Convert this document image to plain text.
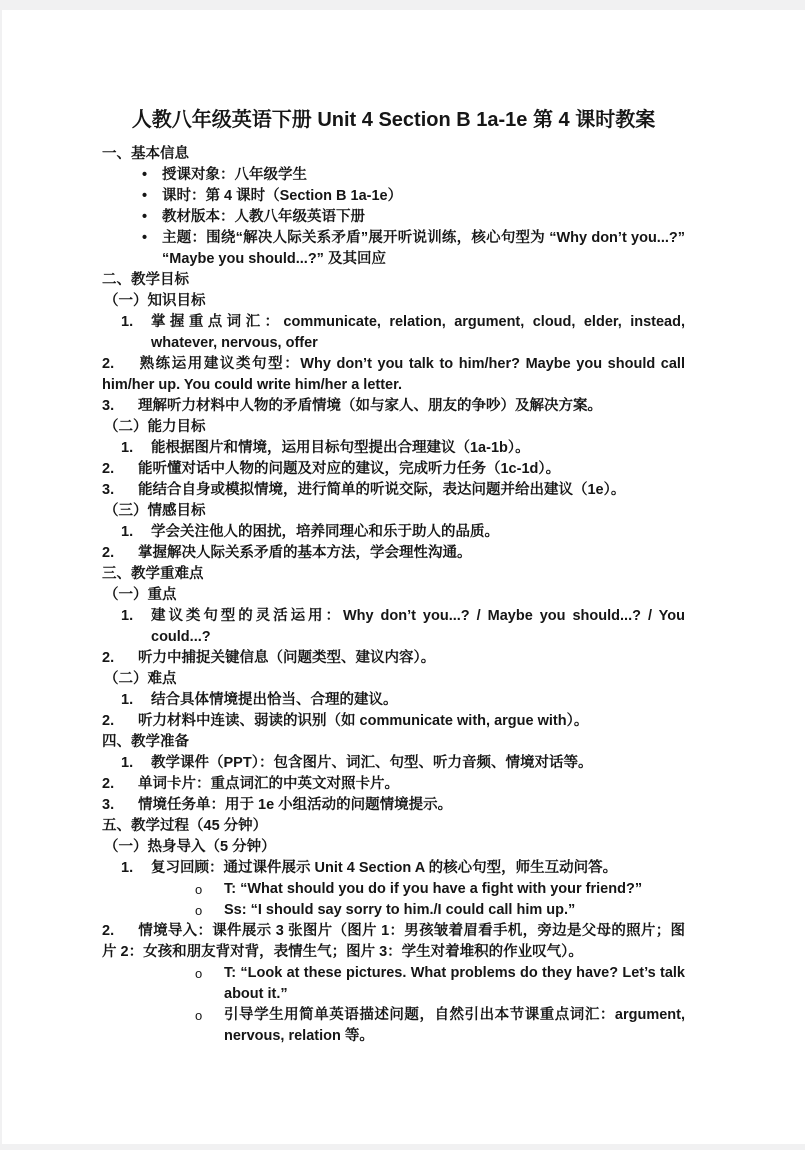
人教八年级英语下册 Unit 4 Section B 1a-1e 第 4 课时教案

一、基本信息

• 授课对象：八年级学生

• 课时：第 4 课时（Section B 1a-1e）

• 教材版本：人教八年级英语下册

• 主题：围绕“解决人际关系矛盾”展开听说训练，核心句型为 “Why don’t you...?” “Maybe you should...?” 及其回应

二、教学目标

（一）知识目标

1. 掌握重点词汇：communicate, relation, argument, cloud, elder, instead, whatever, nervous, offer

2. 熟练运用建议类句型：Why don’t you talk to him/her? Maybe you should call him/her up. You could write him/her a letter.

3. 理解听力材料中人物的矛盾情境（如与家人、朋友的争吵）及解决方案。

（二）能力目标

1. 能根据图片和情境，运用目标句型提出合理建议（1a-1b）。

2. 能听懂对话中人物的问题及对应的建议，完成听力任务（1c-1d）。

3. 能结合自身或模拟情境，进行简单的听说交际，表达问题并给出建议（1e）。

（三）情感目标

1. 学会关注他人的困扰，培养同理心和乐于助人的品质。

2. 掌握解决人际关系矛盾的基本方法，学会理性沟通。

三、教学重难点

（一）重点

1. 建议类句型的灵活运用：Why don’t you...? / Maybe you should...? / You could...?

2. 听力中捕捉关键信息（问题类型、建议内容）。

（二）难点

1. 结合具体情境提出恰当、合理的建议。

2. 听力材料中连读、弱读的识别（如 communicate with, argue with）。

四、教学准备

1. 教学课件（PPT）：包含图片、词汇、句型、听力音频、情境对话等。

2. 单词卡片：重点词汇的中英文对照卡片。

3. 情境任务单：用于 1e 小组活动的问题情境提示。

五、教学过程（45 分钟）

（一）热身导入（5 分钟）

1. 复习回顾：通过课件展示 Unit 4 Section A 的核心句型，师生互动问答。

o T: “What should you do if you have a fight with your friend?”

o Ss: “I should say sorry to him./I could call him up.”

2. 情境导入：课件展示 3 张图片（图片 1：男孩皱着眉看手机，旁边是父母的照片；图片 2：女孩和朋友背对背，表情生气；图片 3：学生对着堆积的作业叹气）。

o T: “Look at these pictures. What problems do they have? Let’s talk about it.”

o 引导学生用简单英语描述问题，自然引出本节课重点词汇：argument, nervous, relation 等。
